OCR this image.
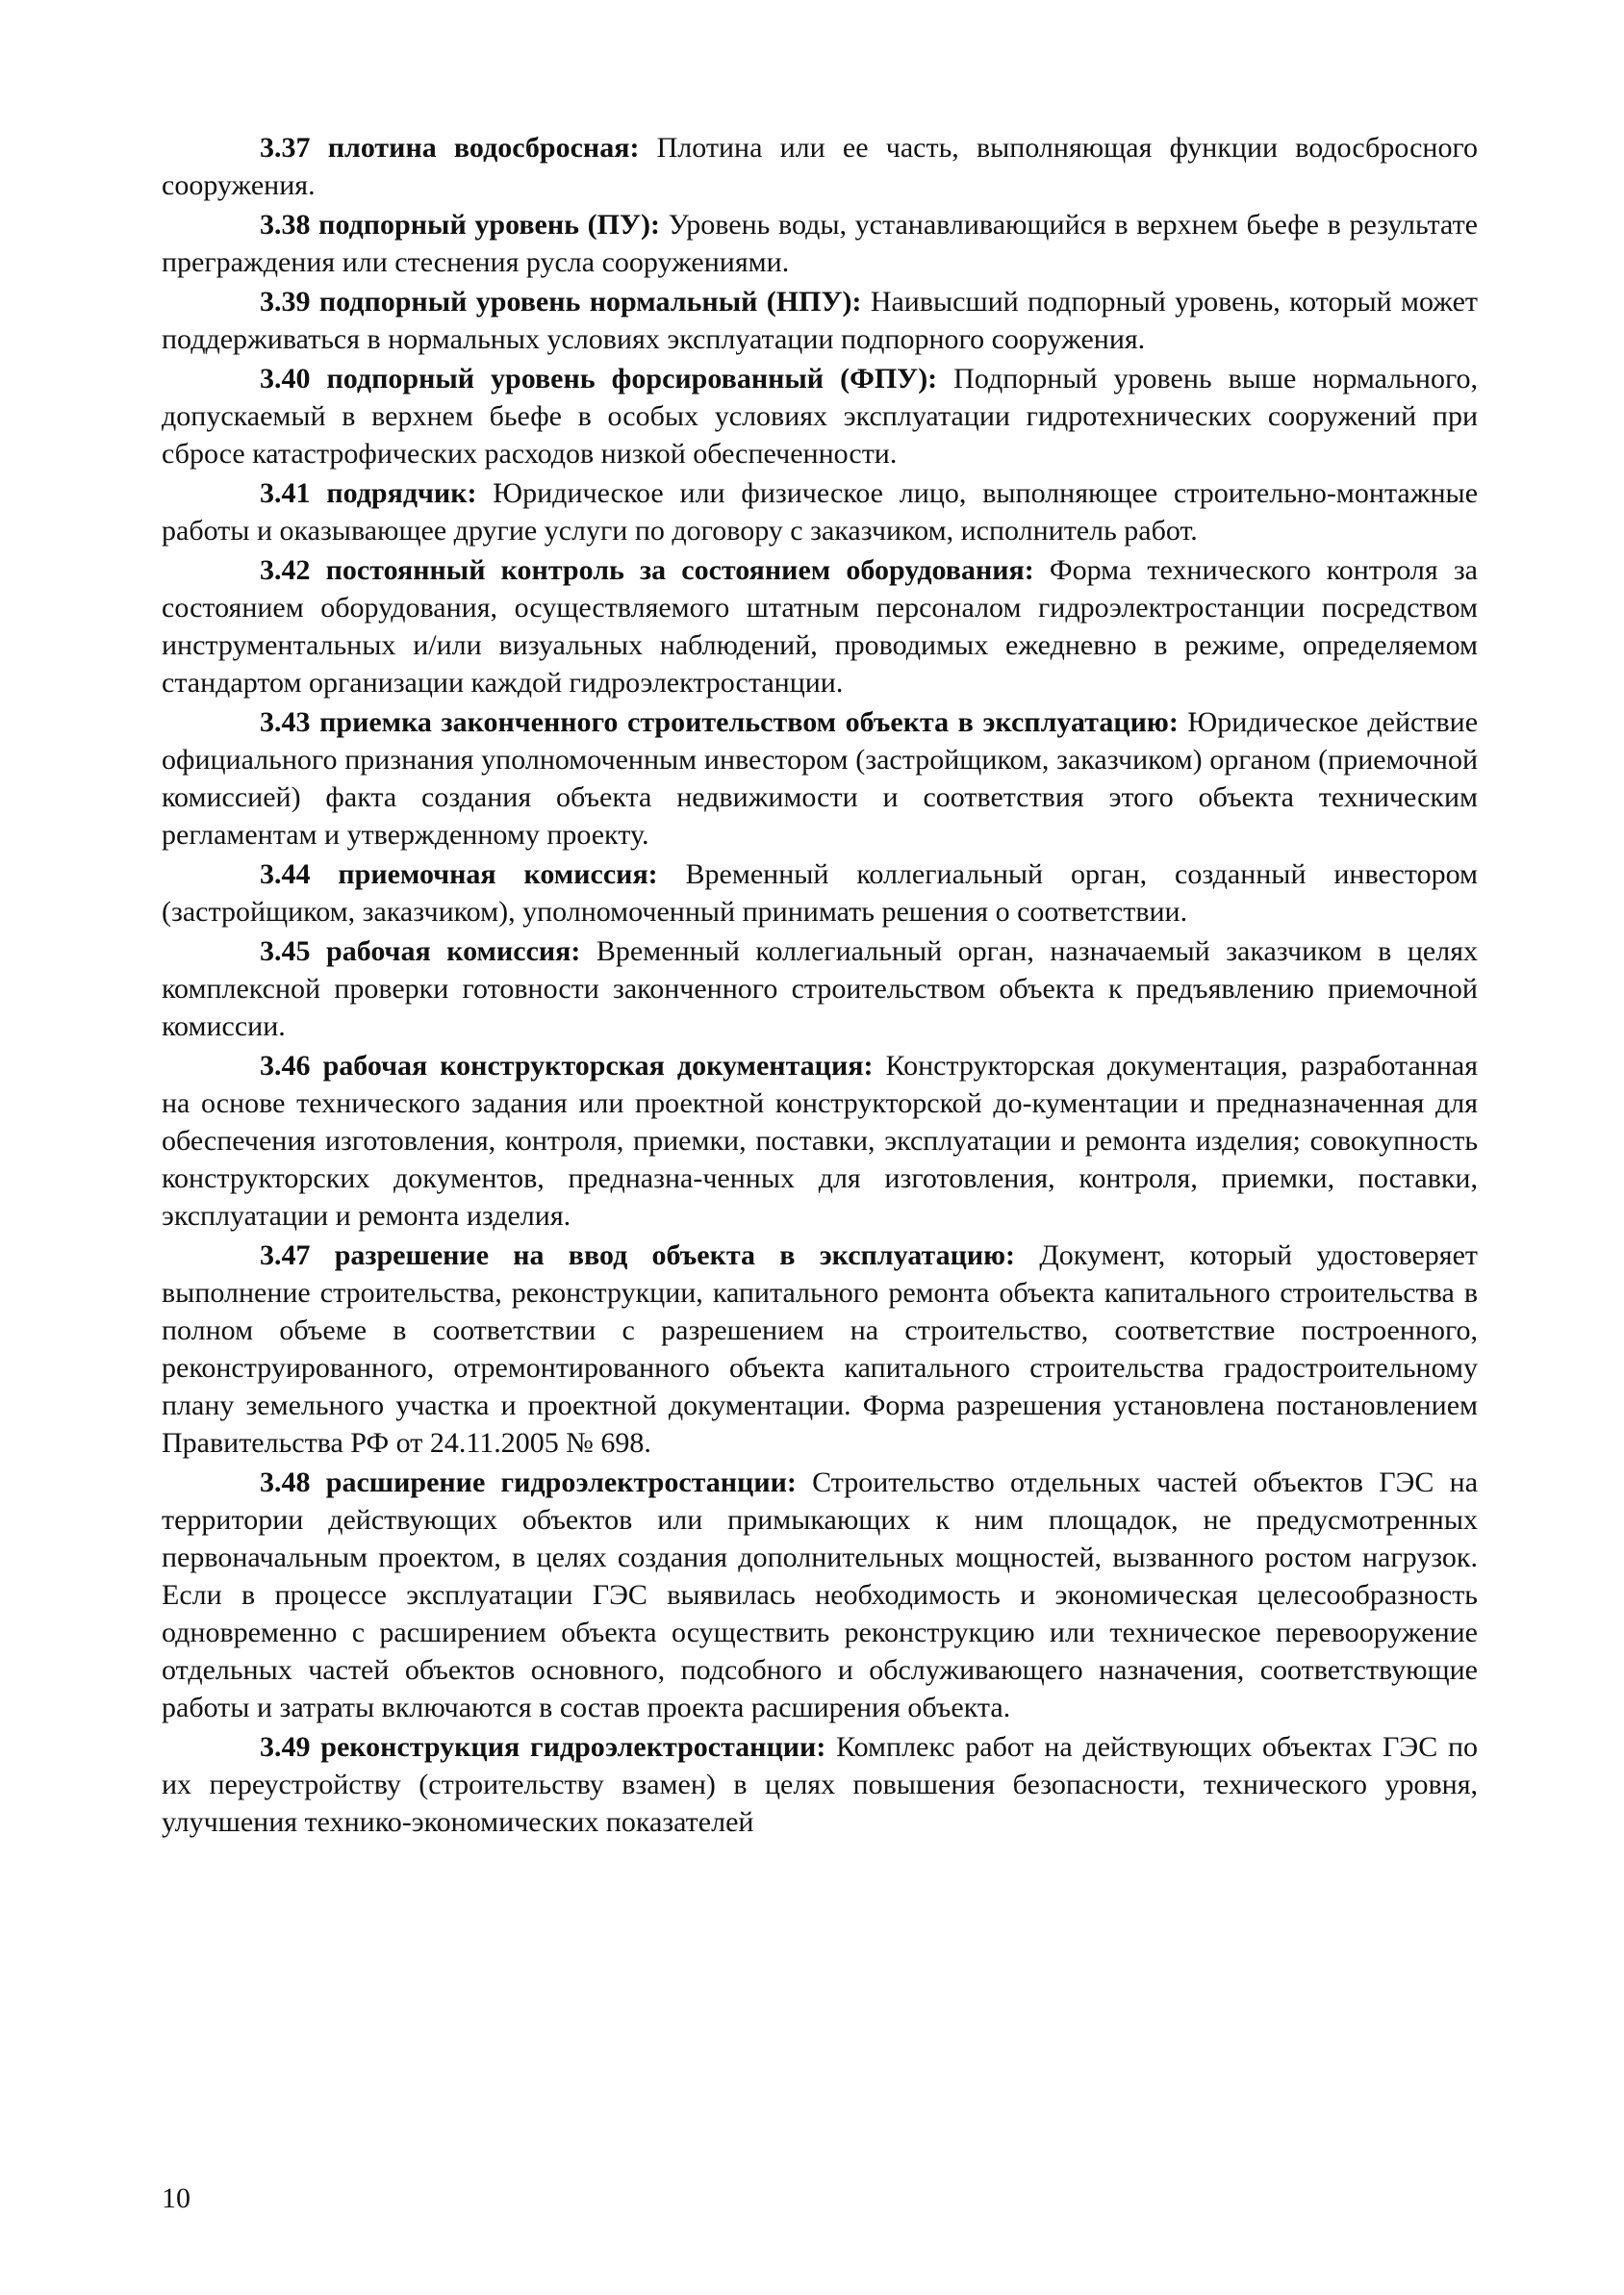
3.37 плотина водосбросная: Плотина или ее часть, выполняющая функции водосбросного сооружения.

3.38 подпорный уровень (ПУ): Уровень воды, устанавливающийся в верхнем бьефе в результате преграждения или стеснения русла сооружениями.

3.39 подпорный уровень нормальный (НПУ): Наивысший подпорный уровень, который может поддерживаться в нормальных условиях эксплуатации подпорного сооружения.

3.40 подпорный уровень форсированный (ФПУ): Подпорный уровень выше нормального, допускаемый в верхнем бьефе в особых условиях эксплуатации гидротехнических сооружений при сбросе катастрофических расходов низкой обеспеченности.

3.41 подрядчик: Юридическое или физическое лицо, выполняющее строительно-монтажные работы и оказывающее другие услуги по договору с заказчиком, исполнитель работ.

3.42 постоянный контроль за состоянием оборудования: Форма технического контроля за состоянием оборудования, осуществляемого штатным персоналом гидроэлектростанции посредством инструментальных и/или визуальных наблюдений, проводимых ежедневно в режиме, определяемом стандартом организации каждой гидроэлектростанции.

3.43 приемка законченного строительством объекта в эксплуатацию: Юридическое действие официального признания уполномоченным инвестором (застройщиком, заказчиком) органом (приемочной комиссией) факта создания объекта недвижимости и соответствия этого объекта техническим регламентам и утвержденному проекту.

3.44 приемочная комиссия: Временный коллегиальный орган, созданный инвестором (застройщиком, заказчиком), уполномоченный принимать решения о соответствии.

3.45 рабочая комиссия: Временный коллегиальный орган, назначаемый заказчиком в целях комплексной проверки готовности законченного строительством объекта к предъявлению приемочной комиссии.

3.46 рабочая конструкторская документация: Конструкторская документация, разработанная на основе технического задания или проектной конструкторской до-кументации и предназначенная для обеспечения изготовления, контроля, приемки, поставки, эксплуатации и ремонта изделия; совокупность конструкторских документов, предназна-ченных для изготовления, контроля, приемки, поставки, эксплуатации и ремонта изделия.

3.47 разрешение на ввод объекта в эксплуатацию: Документ, который удостоверяет выполнение строительства, реконструкции, капитального ремонта объекта капитального строительства в полном объеме в соответствии с разрешением на строительство, соответствие построенного, реконструированного, отремонтированного объекта капитального строительства градостроительному плану земельного участка и проектной документации. Форма разрешения установлена постановлением Правительства РФ от 24.11.2005 № 698.

3.48 расширение гидроэлектростанции: Строительство отдельных частей объектов ГЭС на территории действующих объектов или примыкающих к ним площадок, не предусмотренных первоначальным проектом, в целях создания дополнительных мощностей, вызванного ростом нагрузок. Если в процессе эксплуатации ГЭС выявилась необходимость и экономическая целесообразность одновременно с расширением объекта осуществить реконструкцию или техническое перевооружение отдельных частей объектов основного, подсобного и обслуживающего назначения, соответствующие работы и затраты включаются в состав проекта расширения объекта.

3.49 реконструкция гидроэлектростанции: Комплекс работ на действующих объектах ГЭС по их переустройству (строительству взамен) в целях повышения безопасности, технического уровня, улучшения технико-экономических показателей

10
